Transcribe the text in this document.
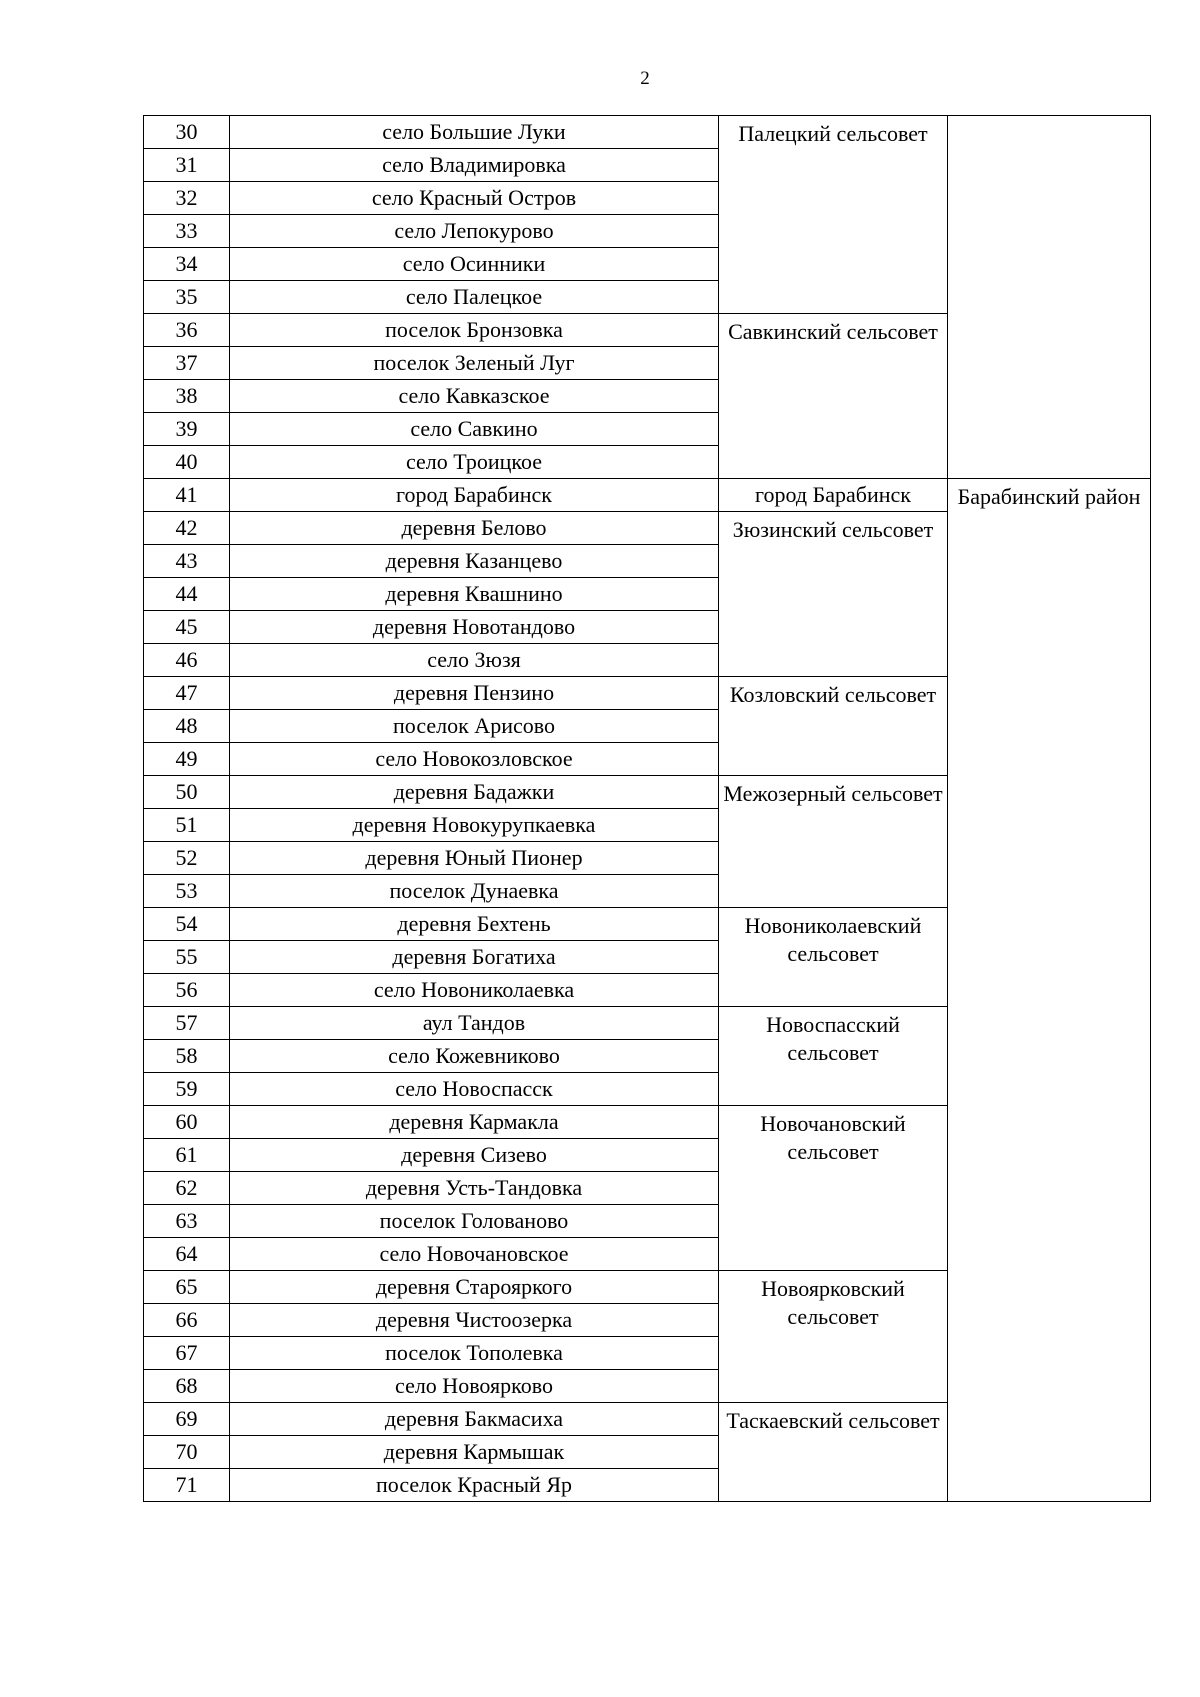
2
30	село Большие Луки	Палецкий сельсовет	
31	село Владимировка		
32	село Красный Остров		
33	село Лепокурово		
34	село Осинники		
35	село Палецкое		
36	поселок Бронзовка	Савкинский сельсовет	
37	поселок Зеленый Луг		
38	село Кавказское		
39	село Савкино		
40	село Троицкое		
41	город Барабинск	город Барабинск	Барабинский район
42	деревня Белово	Зюзинский сельсовет	
43	деревня Казанцево		
44	деревня Квашнино		
45	деревня Новотандово		
46	село Зюзя		
47	деревня Пензино	Козловский сельсовет	
48	поселок Арисово		
49	село Новокозловское		
50	деревня Бадажки	Межозерный сельсовет	
51	деревня Новокурупкаевка		
52	деревня Юный Пионер		
53	поселок Дунаевка		
54	деревня Бехтень	Новониколаевский сельсовет	
55	деревня Богатиха		
56	село Новониколаевка		
57	аул Тандов	Новоспасский сельсовет	
58	село Кожевниково		
59	село Новоспасск		
60	деревня Кармакла	Новочановский сельсовет	
61	деревня Сизево		
62	деревня Усть-Тандовка		
63	поселок Голованово		
64	село Новочановское		
65	деревня Старояркого	Новоярковский сельсовет	
66	деревня Чистоозерка		
67	поселок Тополевка		
68	село Новоярково		
69	деревня Бакмасиха	Таскаевский сельсовет	
70	деревня Кармышак		
71	поселок Красный Яр		
